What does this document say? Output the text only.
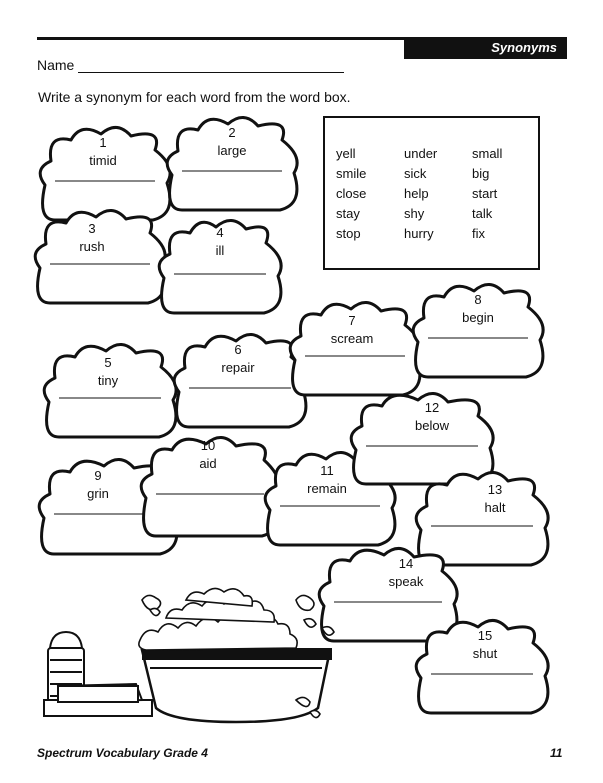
Synonyms
Name
Write a synonym for each word from the word box.
yell	under	small
smile	sick	big
close	help	start
stay	shy	talk
stop	hurry	fix
1
timid
2
large
3
rush
4
ill
5
tiny
6
repair
7
scream
8
begin
9
grin
10
aid	11
remain
12
below
13
halt
14
speak
15
shut
Spectrum Vocabulary Grade 4	11
